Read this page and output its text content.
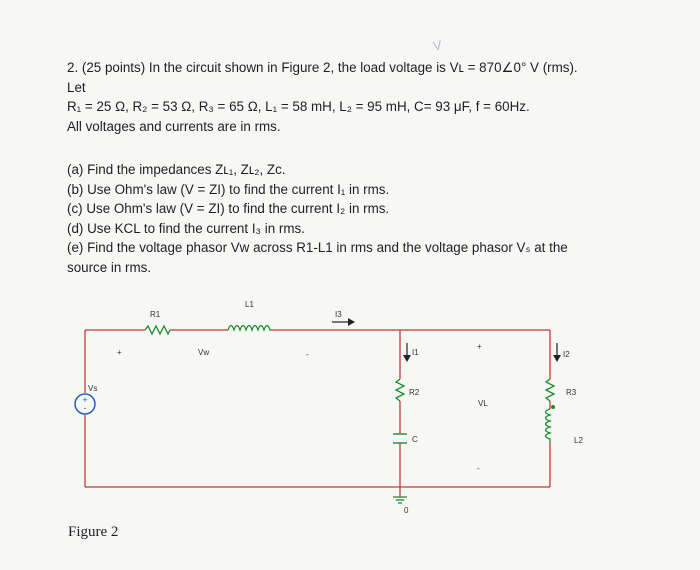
V

2. (25 points) In the circuit shown in Figure 2, the load voltage is Vʟ = 870∠0° V (rms).

Let

R₁ = 25 Ω, R₂ = 53 Ω, R₃ = 65 Ω, L₁ = 58 mH, L₂ = 95 mH, C= 93 μF, f = 60Hz.

All voltages and currents are in rms.

(a) Find the impedances Zʟ₁, Zʟ₂, Zᴄ.

(b) Use Ohm's law (V = ZI) to find the current I₁ in rms.

(c) Use Ohm's law (V = ZI) to find the current I₂ in rms.

(d) Use KCL to find the current I₃ in rms.

(e) Find the voltage phasor Vᴡ across R1-L1 in rms and the voltage phasor Vₛ at the

source in rms.

+
-
+	-
+
-
R1
L1
I3
Vw	I1	I2
Vs	R2
VL
R3
C	L2
0
Figure 2
